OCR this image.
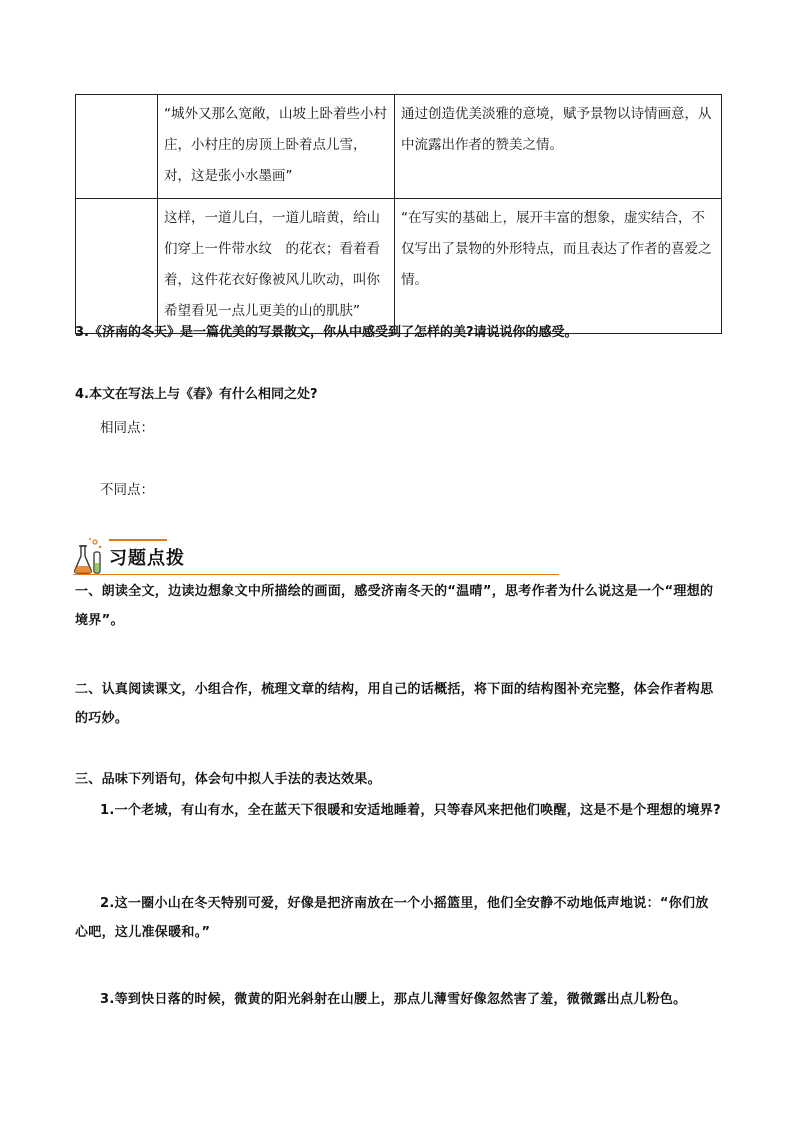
	“城外又那么宽敞，山坡上卧着些小村庄，小村庄的房顶上卧着点儿雪，对，这是张小水墨画”	通过创造优美淡雅的意境，赋予景物以诗情画意，从中流露出作者的赞美之情。
	这样，一道儿白，一道儿暗黄，给山们穿上一件带水纹　的花衣；看着看着，这件花衣好像被风儿吹动，叫你希望看见一点儿更美的山的肌肤”	“在写实的基础上，展开丰富的想象，虚实结合，不仅写出了景物的外形特点，而且表达了作者的喜爱之情。
3.《济南的冬天》是一篇优美的写景散文，你从中感受到了怎样的美?请说说你的感受。
4.本文在写法上与《春》有什么相同之处?
相同点：
不同点：
习题点拨
一、朗读全文，边读边想象文中所描绘的画面，感受济南冬天的“温晴”，思考作者为什么说这是一个“理想的境界”。
二、认真阅读课文，小组合作，梳理文章的结构，用自己的话概括，将下面的结构图补充完整，体会作者构思的巧妙。
三、品味下列语句，体会句中拟人手法的表达效果。
1.一个老城，有山有水，全在蓝天下很暖和安适地睡着，只等春风来把他们唤醒，这是不是个理想的境界?
2.这一圈小山在冬天特别可爱，好像是把济南放在一个小摇篮里，他们全安静不动地低声地说：“你们放心吧，这儿准保暖和。”
3.等到快日落的时候，微黄的阳光斜射在山腰上，那点儿薄雪好像忽然害了羞，微微露出点儿粉色。
